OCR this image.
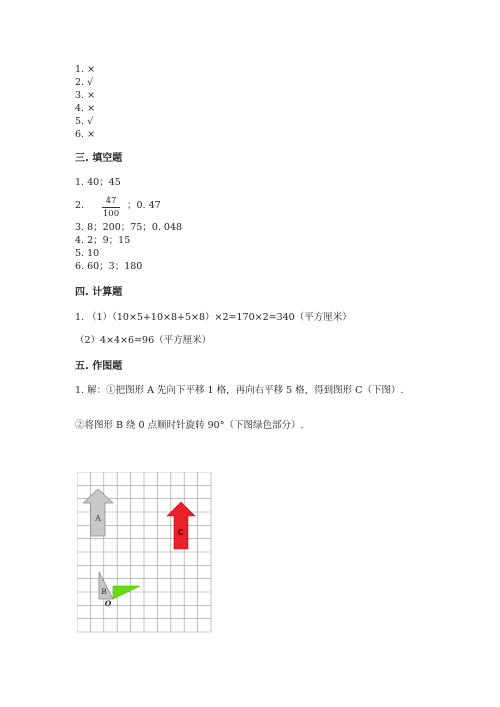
1. ×
2. √
3. ×
4. ×
5. √
6. ×
三. 填空题
1. 40；45
2. $\frac{47}{100}$ ；0. 47
3. 8；200；75；0. 048
4. 2；9；15
5. 10
6. 60；3；180
四. 计算题
1. （1）（10×5+10×8+5×8）×2=170×2=340（平方厘米）
（2）4×4×6=96（平方厘米）
五. 作图题
1. 解：①把图形 A 先向下平移 1 格，再向右平移 5 格，得到图形 C（下图）.
②将图形 B 绕 0 点顺时针旋转 90°（下图绿色部分）.
A
C
B
O
